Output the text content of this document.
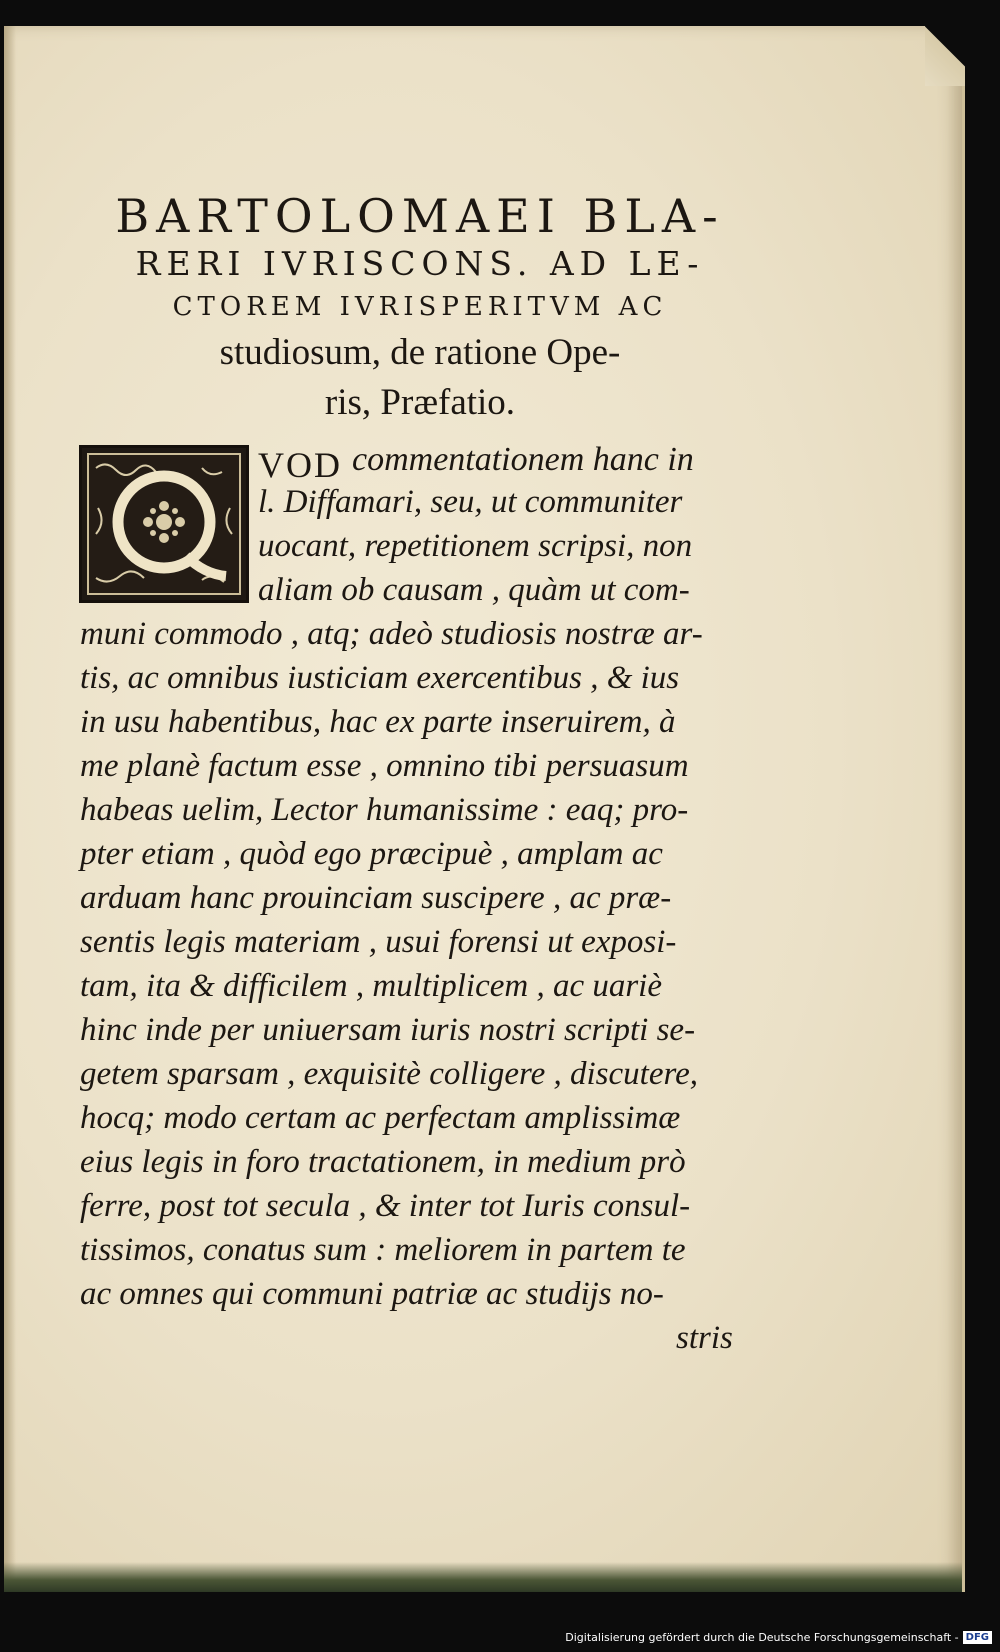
BARTOLOMAEI BLA-
RERI IVRISCONS. AD LE-
CTOREM IVRISPERITVM AC
studiosum, de ratione Ope-
ris, Præfatio.
VOD commentationem hanc in
l. Diffamari, seu, ut communiter
uocant, repetitionem scripsi, non
aliam ob causam , quàm ut com-
muni commodo , atq; adeò studiosis nostræ ar-
tis, ac omnibus iusticiam exercentibus , & ius
in usu habentibus, hac ex parte inseruirem, à
me planè factum esse , omnino tibi persuasum
habeas uelim, Lector humanissime : eaq; pro-
pter etiam , quòd ego præcipuè , amplam ac
arduam hanc prouinciam suscipere , ac præ-
sentis legis materiam , usui forensi ut exposi-
tam, ita & difficilem , multiplicem , ac uariè
hinc inde per uniuersam iuris nostri scripti se-
getem sparsam , exquisitè colligere , discutere,
hocq; modo certam ac perfectam amplissimæ
eius legis in foro tractationem, in medium prò
ferre, post tot secula , & inter tot Iuris consul-
tissimos, conatus sum : meliorem in partem te
ac omnes qui communi patriæ ac studijs no-
stris
Digitalisierung gefördert durch die Deutsche Forschungsgemeinschaft - DFG
